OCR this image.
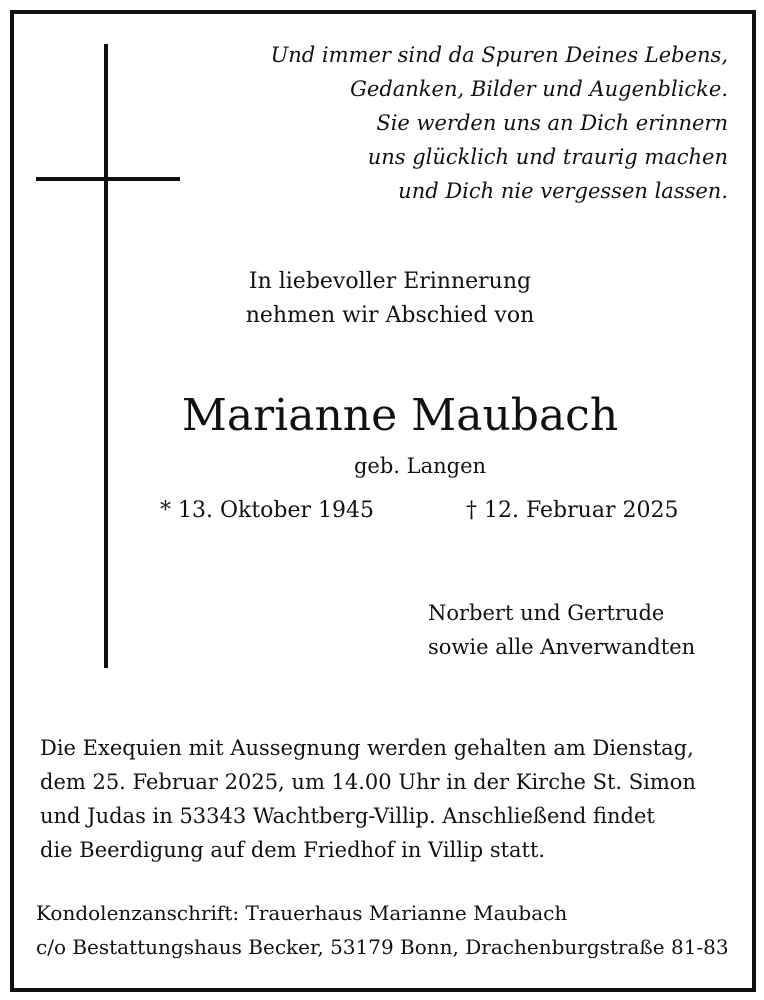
Und immer sind da Spuren Deines Lebens,
Gedanken, Bilder und Augenblicke.
Sie werden uns an Dich erinnern
uns glücklich und traurig machen
und Dich nie vergessen lassen.
In liebevoller Erinnerung
nehmen wir Abschied von
Marianne Maubach
geb. Langen
* 13. Oktober 1945	† 12. Februar 2025
Norbert und Gertrude
sowie alle Anverwandten
Die Exequien mit Aussegnung werden gehalten am Dienstag,
dem 25. Februar 2025, um 14.00 Uhr in der Kirche St. Simon
und Judas in 53343 Wachtberg-Villip. Anschließend findet
die Beerdigung auf dem Friedhof in Villip statt.
Kondolenzanschrift: Trauerhaus Marianne Maubach
c/o Bestattungshaus Becker, 53179 Bonn, Drachenburgstraße 81-83
